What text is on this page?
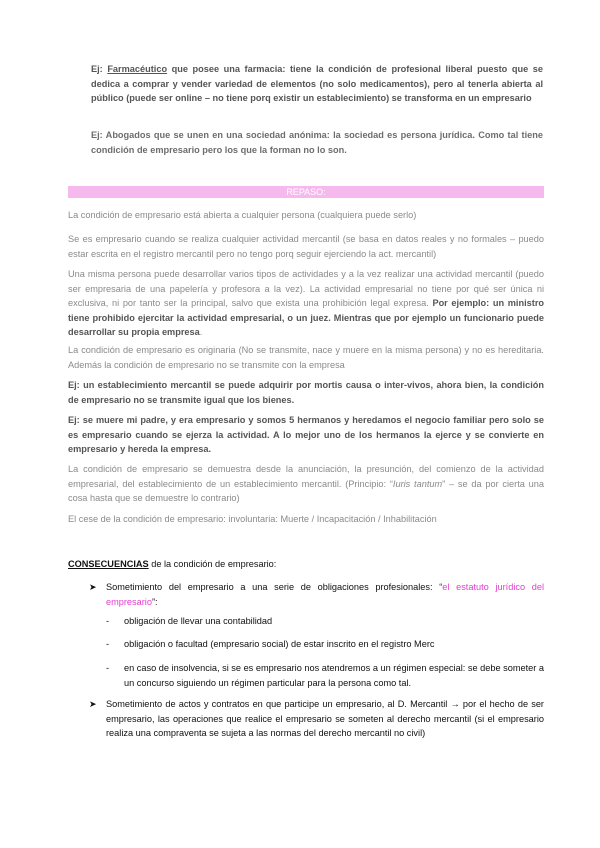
Ej: Farmacéutico que posee una farmacia: tiene la condición de profesional liberal puesto que se dedica a comprar y vender variedad de elementos (no solo medicamentos), pero al tenerla abierta al público (puede ser online – no tiene porq existir un establecimiento) se transforma en un empresario

Ej: Abogados que se unen en una sociedad anónima: la sociedad es persona jurídica. Como tal tiene condición de empresario pero los que la forman no lo son.

REPASO:

La condición de empresario está abierta a cualquier persona (cualquiera puede serlo)

Se es empresario cuando se realiza cualquier actividad mercantil (se basa en datos reales y no formales – puedo estar escrita en el registro mercantil pero no tengo porq seguir ejerciendo la act. mercantil)

Una misma persona puede desarrollar varios tipos de actividades y a la vez realizar una actividad mercantil (puedo ser empresaria de una papelería y profesora a la vez). La actividad empresarial no tiene por qué ser única ni exclusiva, ni por tanto ser la principal, salvo que exista una prohibición legal expresa. Por ejemplo: un ministro tiene prohibido ejercitar la actividad empresarial, o un juez. Mientras que por ejemplo un funcionario puede desarrollar su propia empresa.

La condición de empresario es originaria (No se transmite, nace y muere en la misma persona) y no es hereditaria. Además la condición de empresario no se transmite con la empresa

Ej: un establecimiento mercantil se puede adquirir por mortis causa o inter-vivos, ahora bien, la condición de empresario no se transmite igual que los bienes.

Ej: se muere mi padre, y era empresario y somos 5 hermanos y heredamos el negocio familiar pero solo se es empresario cuando se ejerza la actividad. A lo mejor uno de los hermanos la ejerce y se convierte en empresario y hereda la empresa.

La condición de empresario se demuestra desde la anunciación, la presunción, del comienzo de la actividad empresarial, del establecimiento de un establecimiento mercantil. (Principio: “Iuris tantum” – se da por cierta una cosa hasta que se demuestre lo contrario)

El cese de la condición de empresario: involuntaria: Muerte / Incapacitación / Inhabilitación

CONSECUENCIAS de la condición de empresario:

➤ Sometimiento del empresario a una serie de obligaciones profesionales: “el estatuto jurídico del empresario”:

- obligación de llevar una contabilidad

- obligación o facultad (empresario social) de estar inscrito en el registro Merc

- en caso de insolvencia, si se es empresario nos atendremos a un régimen especial: se debe someter a un concurso siguiendo un régimen particular para la persona como tal.

➤ Sometimiento de actos y contratos en que participe un empresario, al D. Mercantil → por el hecho de ser empresario, las operaciones que realice el empresario se someten al derecho mercantil (si el empresario realiza una compraventa se sujeta a las normas del derecho mercantil no civil)
